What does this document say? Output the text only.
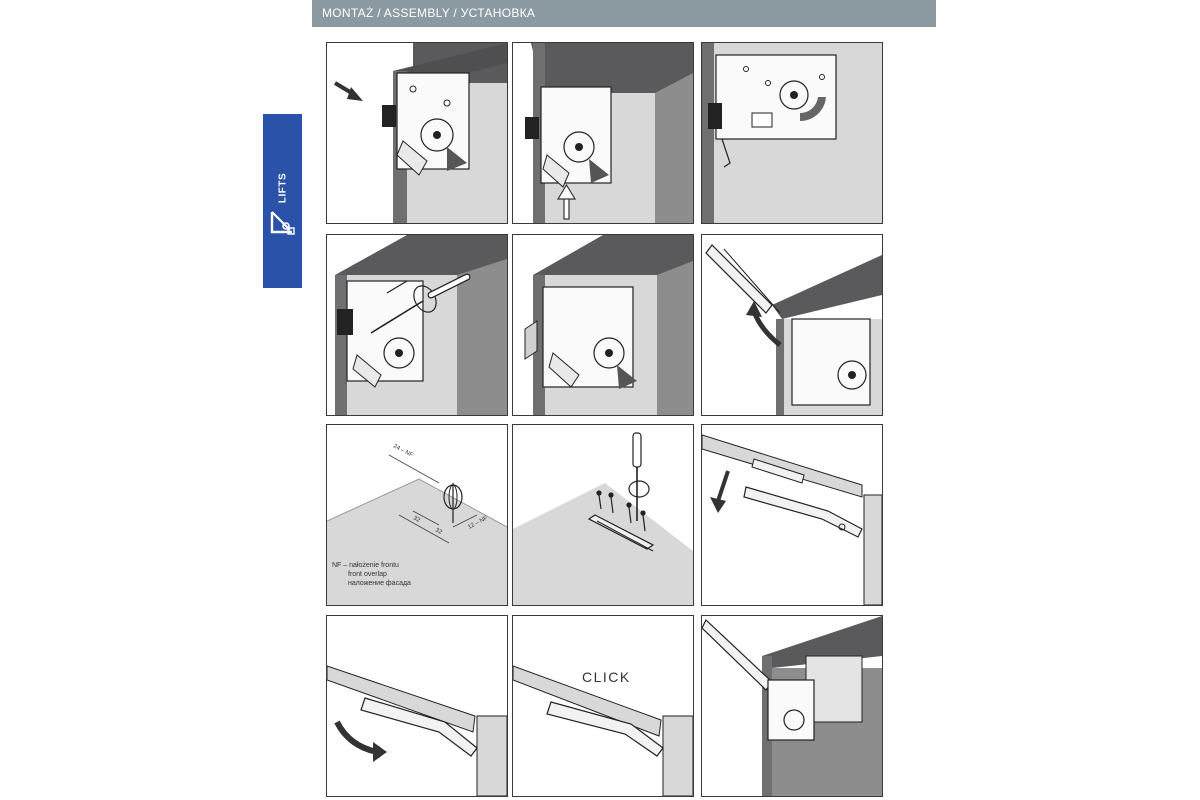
MONTAŻ / ASSEMBLY / УСТАНОВКА
LIFTS
24 – NF
12 – NF
32
32
NF – nałożenie frontu
front overlap
наложение фасада
CLICK
